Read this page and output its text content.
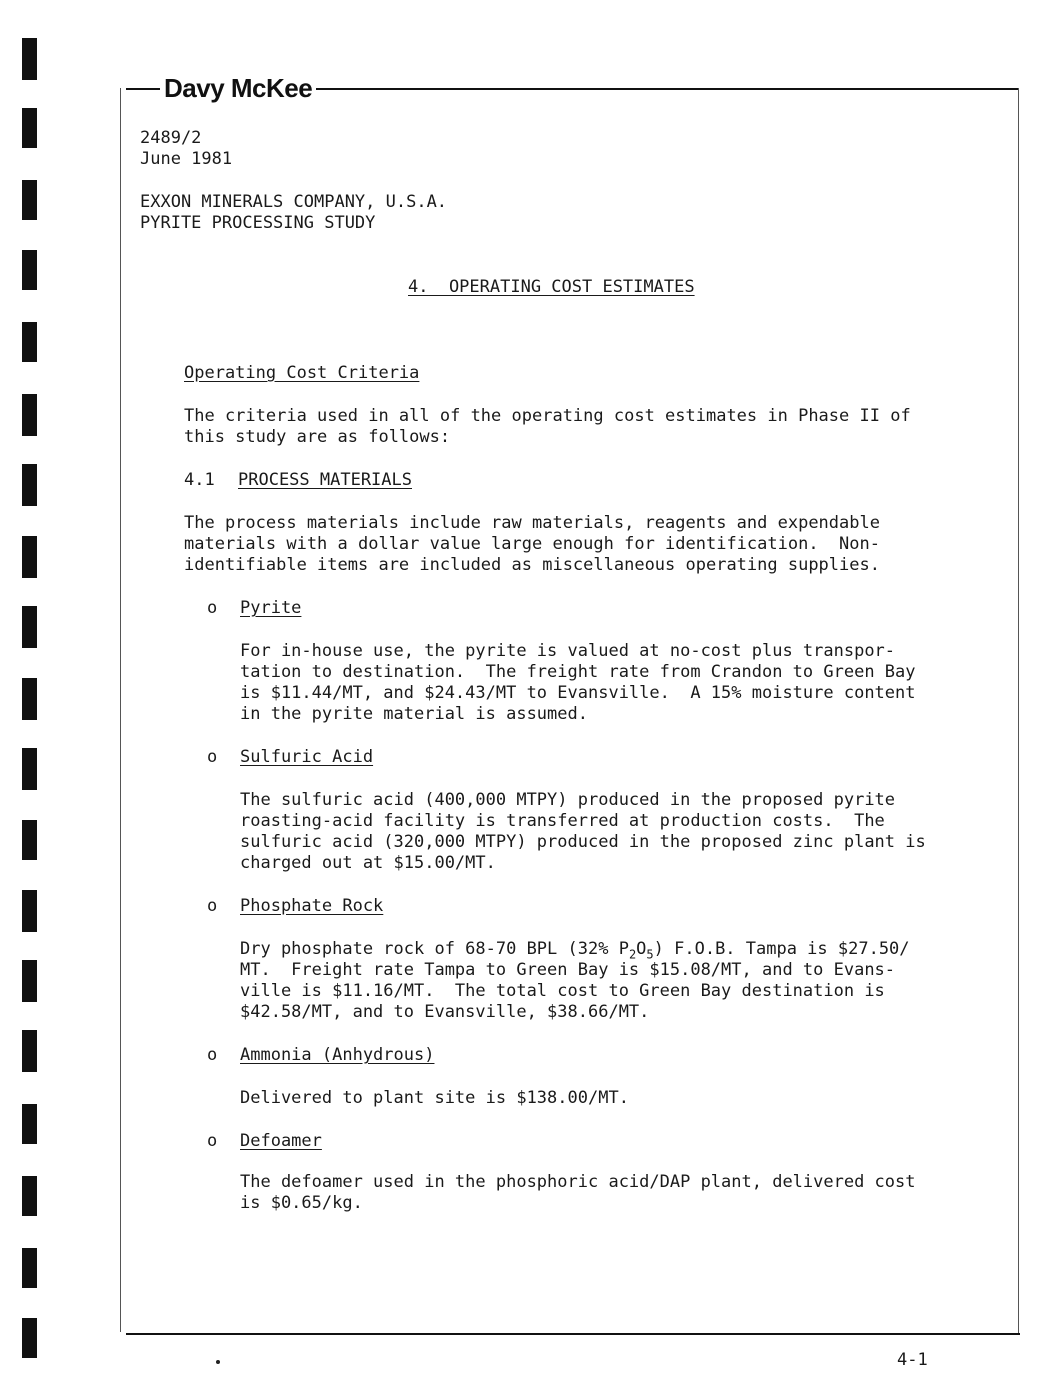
Davy McKee
2489/2
June 1981
EXXON MINERALS COMPANY, U.S.A.
PYRITE PROCESSING STUDY
4.  OPERATING COST ESTIMATES
Operating Cost Criteria
The criteria used in all of the operating cost estimates in Phase II of
this study are as follows:
4.1 PROCESS MATERIALS
The process materials include raw materials, reagents and expendable
materials with a dollar value large enough for identification.  Non-
identifiable items are included as miscellaneous operating supplies.
o Pyrite
For in-house use, the pyrite is valued at no-cost plus transpor-
tation to destination.  The freight rate from Crandon to Green Bay
is $11.44/MT, and $24.43/MT to Evansville.  A 15% moisture content
in the pyrite material is assumed.
o Sulfuric Acid
The sulfuric acid (400,000 MTPY) produced in the proposed pyrite
roasting-acid facility is transferred at production costs.  The
sulfuric acid (320,000 MTPY) produced in the proposed zinc plant is
charged out at $15.00/MT.
o Phosphate Rock
Dry phosphate rock of 68-70 BPL (32% $P_2O_5$) F.O.B. Tampa is $27.50/
MT.  Freight rate Tampa to Green Bay is $15.08/MT, and to Evans-
ville is $11.16/MT.  The total cost to Green Bay destination is
$42.58/MT, and to Evansville, $38.66/MT.
o Ammonia (Anhydrous)
Delivered to plant site is $138.00/MT.
o Defoamer
The defoamer used in the phosphoric acid/DAP plant, delivered cost
is $0.65/kg.
4-1
